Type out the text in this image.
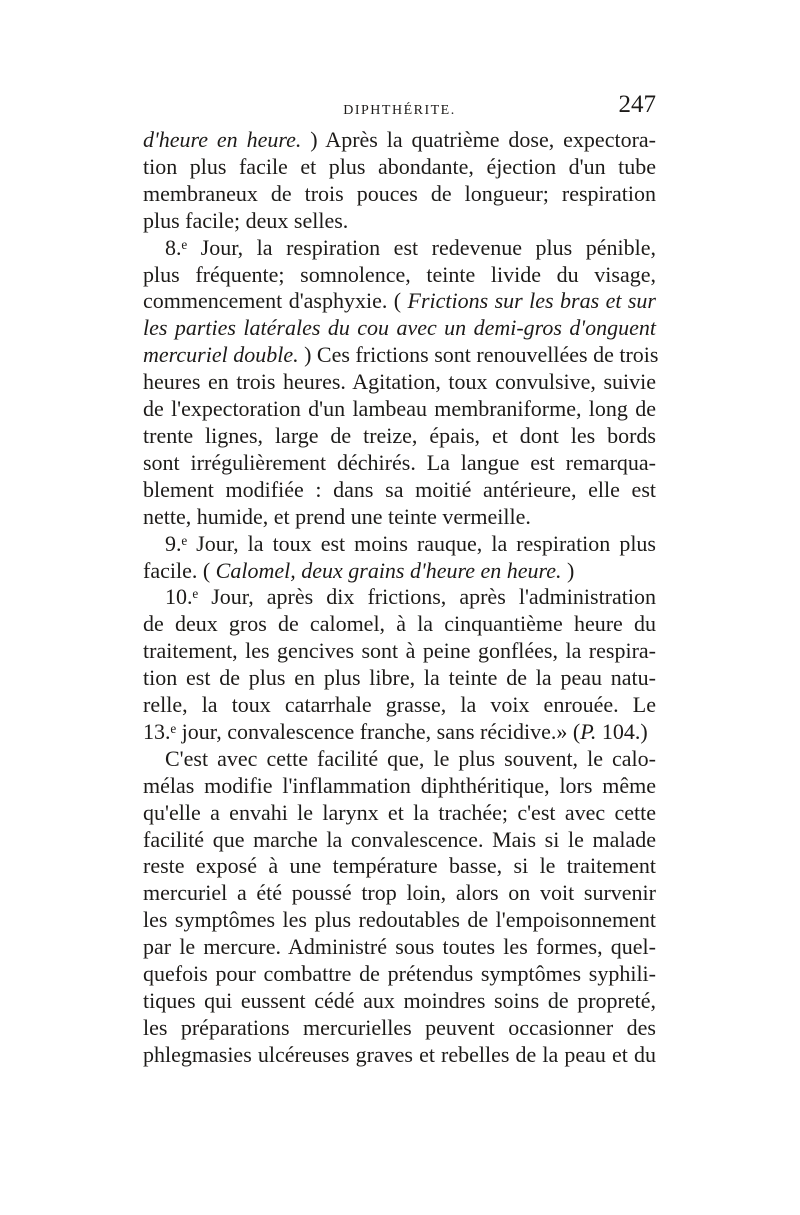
DIPHTHÉRITE.	247
d'heure en heure. ) Après la quatrième dose, expectora-
tion plus facile et plus abondante, éjection d'un tube
membraneux de trois pouces de longueur; respiration
plus facile; deux selles.
8.ᵉ Jour, la respiration est redevenue plus pénible,
plus fréquente; somnolence, teinte livide du visage,
commencement d'asphyxie. ( Frictions sur les bras et sur
les parties latérales du cou avec un demi-gros d'onguent
mercuriel double. ) Ces frictions sont renouvellées de trois
heures en trois heures. Agitation, toux convulsive, suivie
de l'expectoration d'un lambeau membraniforme, long de
trente lignes, large de treize, épais, et dont les bords
sont irrégulièrement déchirés. La langue est remarqua-
blement modifiée : dans sa moitié antérieure, elle est
nette, humide, et prend une teinte vermeille.
9.ᵉ Jour, la toux est moins rauque, la respiration plus
facile. ( Calomel, deux grains d'heure en heure. )
10.ᵉ Jour, après dix frictions, après l'administration
de deux gros de calomel, à la cinquantième heure du
traitement, les gencives sont à peine gonflées, la respira-
tion est de plus en plus libre, la teinte de la peau natu-
relle, la toux catarrhale grasse, la voix enrouée. Le
13.ᵉ jour, convalescence franche, sans récidive.» (P. 104.)
C'est avec cette facilité que, le plus souvent, le calo-
mélas modifie l'inflammation diphthéritique, lors même
qu'elle a envahi le larynx et la trachée; c'est avec cette
facilité que marche la convalescence. Mais si le malade
reste exposé à une température basse, si le traitement
mercuriel a été poussé trop loin, alors on voit survenir
les symptômes les plus redoutables de l'empoisonnement
par le mercure. Administré sous toutes les formes, quel-
quefois pour combattre de prétendus symptômes syphili-
tiques qui eussent cédé aux moindres soins de propreté,
les préparations mercurielles peuvent occasionner des
phlegmasies ulcéreuses graves et rebelles de la peau et du
